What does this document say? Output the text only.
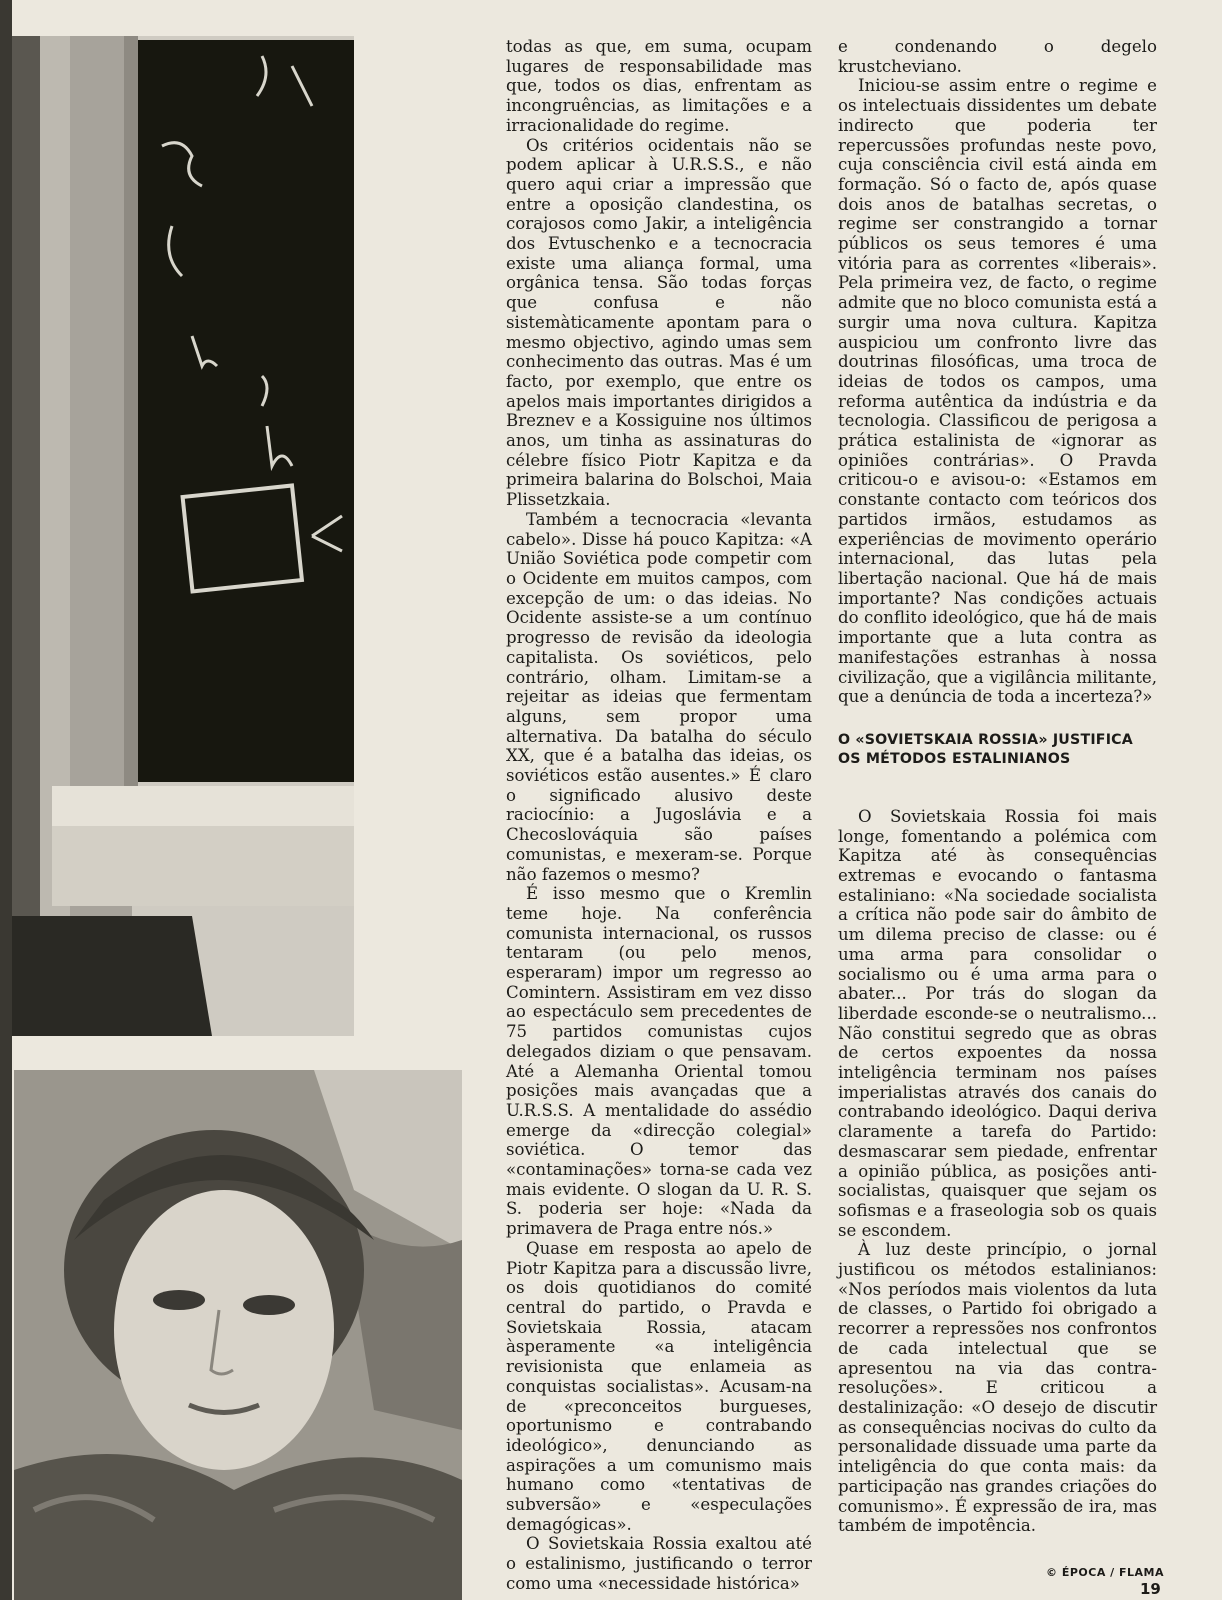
todas as que, em suma, ocupam lugares de responsabilidade mas que, todos os dias, enfrentam as incongruências, as limitações e a irracionalidade do regime.

Os critérios ocidentais não se podem aplicar à U.R.S.S., e não quero aqui criar a impressão que entre a oposição clandestina, os corajosos como Jakir, a inteligência dos Evtuschenko e a tecnocracia existe uma aliança formal, uma orgânica tensa. São todas forças que confusa e não sistemàticamente apontam para o mesmo objectivo, agindo umas sem conhecimento das outras. Mas é um facto, por exemplo, que entre os apelos mais importantes dirigidos a Breznev e a Kossiguine nos últimos anos, um tinha as assinaturas do célebre físico Piotr Kapitza e da primeira balarina do Bolschoi, Maia Plissetzkaia.

Também a tecnocracia «levanta cabelo». Disse há pouco Kapitza: «A União Soviética pode competir com o Ocidente em muitos campos, com excepção de um: o das ideias. No Ocidente assiste-se a um contínuo progresso de revisão da ideologia capitalista. Os soviéticos, pelo contrário, olham. Limitam-se a rejeitar as ideias que fermentam alguns, sem propor uma alternativa. Da batalha do século XX, que é a batalha das ideias, os soviéticos estão ausentes.» É claro o significado alusivo deste raciocínio: a Jugoslávia e a Checoslováquia são países comunistas, e mexeram-se. Porque não fazemos o mesmo?

É isso mesmo que o Kremlin teme hoje. Na conferência comunista internacional, os russos tentaram (ou pelo menos, esperaram) impor um regresso ao Comintern. Assistiram em vez disso ao espectáculo sem precedentes de 75 partidos comunistas cujos delegados diziam o que pensavam. Até a Alemanha Oriental tomou posições mais avançadas que a U.R.S.S. A mentalidade do assédio emerge da «direcção colegial» soviética. O temor das «contaminações» torna-se cada vez mais evidente. O slogan da U. R. S. S. poderia ser hoje: «Nada da primavera de Praga entre nós.»

Quase em resposta ao apelo de Piotr Kapitza para a discussão livre, os dois quotidianos do comité central do partido, o Pravda e Sovietskaia Rossia, atacam àsperamente «a inteligência revisionista que enlameia as conquistas socialistas». Acusam-na de «preconceitos burgueses, oportunismo e contrabando ideológico», denunciando as aspirações a um comunismo mais humano como «tentativas de subversão» e «especulações demagógicas».

O Sovietskaia Rossia exaltou até o estalinismo, justificando o terror como uma «necessidade histórica»

e condenando o degelo krustcheviano.

Iniciou-se assim entre o regime e os intelectuais dissidentes um debate indirecto que poderia ter repercussões profundas neste povo, cuja consciência civil está ainda em formação. Só o facto de, após quase dois anos de batalhas secretas, o regime ser constrangido a tornar públicos os seus temores é uma vitória para as correntes «liberais». Pela primeira vez, de facto, o regime admite que no bloco comunista está a surgir uma nova cultura. Kapitza auspiciou um confronto livre das doutrinas filosóficas, uma troca de ideias de todos os campos, uma reforma autêntica da indústria e da tecnologia. Classificou de perigosa a prática estalinista de «ignorar as opiniões contrárias». O Pravda criticou-o e avisou-o: «Estamos em constante contacto com teóricos dos partidos irmãos, estudamos as experiências de movimento operário internacional, das lutas pela libertação nacional. Que há de mais importante? Nas condições actuais do conflito ideológico, que há de mais importante que a luta contra as manifestações estranhas à nossa civilização, que a vigilância militante, que a denúncia de toda a incerteza?»

O «SOVIETSKAIA ROSSIA» JUSTIFICA OS MÉTODOS ESTALINIANOS

O Sovietskaia Rossia foi mais longe, fomentando a polémica com Kapitza até às consequências extremas e evocando o fantasma estaliniano: «Na sociedade socialista a crítica não pode sair do âmbito de um dilema preciso de classe: ou é uma arma para consolidar o socialismo ou é uma arma para o abater... Por trás do slogan da liberdade esconde-se o neutralismo... Não constitui segredo que as obras de certos expoentes da nossa inteligência terminam nos países imperialistas através dos canais do contrabando ideológico. Daqui deriva claramente a tarefa do Partido: desmascarar sem piedade, enfrentar a opinião pública, as posições anti-socialistas, quaisquer que sejam os sofismas e a fraseologia sob os quais se escondem.

À luz deste princípio, o jornal justificou os métodos estalinianos: «Nos períodos mais violentos da luta de classes, o Partido foi obrigado a recorrer a repressões nos confrontos de cada intelectual que se apresentou na via das contra-resoluções». E criticou a destalinização: «O desejo de discutir as consequências nocivas do culto da personalidade dissuade uma parte da inteligência do que conta mais: da participação nas grandes criações do comunismo». É expressão de ira, mas também de impotência.

© ÉPOCA / FLAMA
19
